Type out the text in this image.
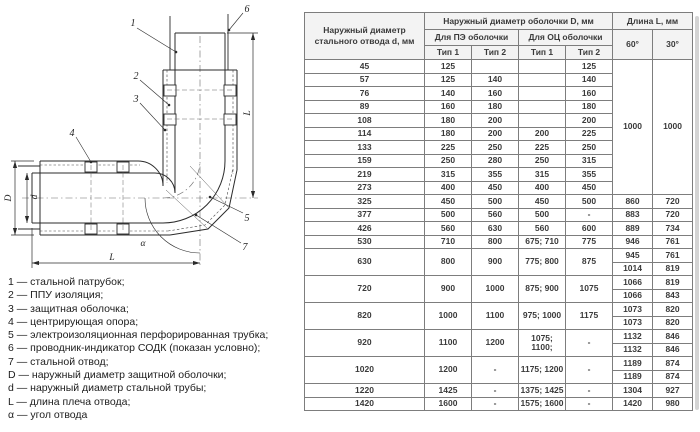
D d
L
L
α
1
2
3
4
5
6
7
1 — стальной патрубок;
2 — ППУ изоляция;
3 — защитная оболочка;
4 — центрирующая опора;
5 — электроизоляционная перфорированная трубка;
6 — проводник-индикатор СОДК (показан условно);
7 — стальной отвод;
D — наружный диаметр защитной оболочки;
d — наружный диаметр стальной трубы;
L — длина плеча отвода;
α — угол отвода
Наружный диаметр стального отвода d, мм	Наружный диаметр оболочки D, мм				Длина L, мм	
	Для ПЭ оболочки		Для ОЦ оболочки		60°	30°
	Тип 1	Тип 2	Тип 1	Тип 2		
45	125			125	1000	1000
57	125	140		140		
76	140	160		160		
89	160	180		180		
108	180	200		200		
114	180	200	200	225		
133	225	250	225	250		
159	250	280	250	315		
219	315	355	315	355		
273	400	450	400	450		
325	450	500	450	500	860	720
377	500	560	500	-	883	720
426	560	630	560	600	889	734
530	710	800	675; 710	775	946	761
630	800	900	775; 800	875	945	761
					1014	819
720	900	1000	875; 900	1075	1066	819
					1066	843
820	1000	1100	975; 1000	1175	1073	820
					1073	820
920	1100	1200	1075; 1100;	-	1132	846
					1132	846
1020	1200	-	1175; 1200	-	1189	874
					1189	874
1220	1425	-	1375; 1425	-	1304	927
1420	1600	-	1575; 1600	-	1420	980
